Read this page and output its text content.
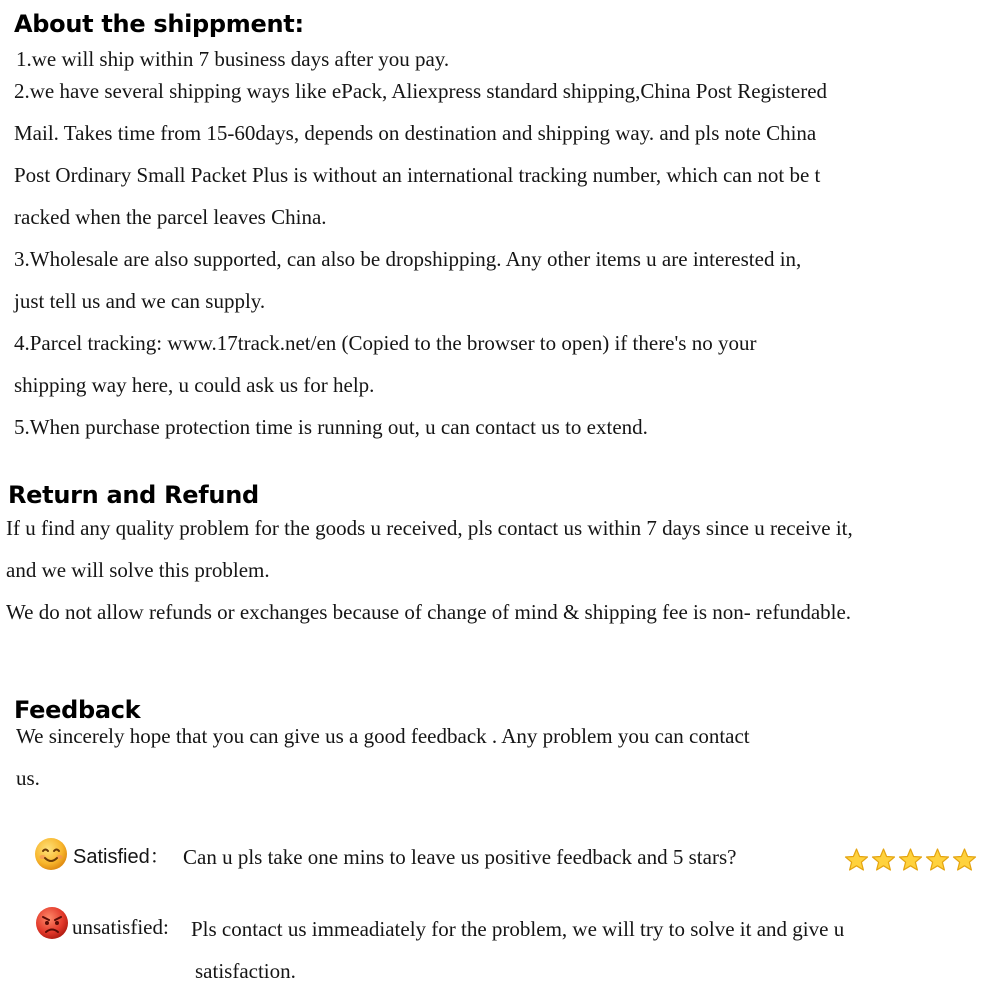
About the shippment:

1.we will ship within 7 business days after you pay.

2.we have several shipping ways like ePack, Aliexpress standard shipping,China Post Registered

Mail. Takes time from 15-60days, depends on destination and shipping way. and pls note China

Post Ordinary Small Packet Plus is without an international tracking number, which can not be t

racked when the parcel leaves China.

3.Wholesale are also supported, can also be dropshipping. Any other items u are interested in,

just tell us and we can supply.

4.Parcel tracking: www.17track.net/en (Copied to the browser to open) if there's no your

shipping way here, u could ask us for help.

5.When purchase protection time is running out, u can contact us to extend.

Return and Refund

If u find any quality problem for the goods u received, pls contact us within 7 days since u receive it,

and we will solve this problem.

We do not allow refunds or exchanges because of change of mind & shipping fee is non- refundable.

Feedback

We sincerely hope that you can give us a good feedback . Any problem you can contact

us.

Satisfied： Can u pls take one mins to leave us positive feedback and 5 stars?

unsatisfied: Pls contact us immeadiately for the problem, we will try to solve it and give u

satisfaction.
